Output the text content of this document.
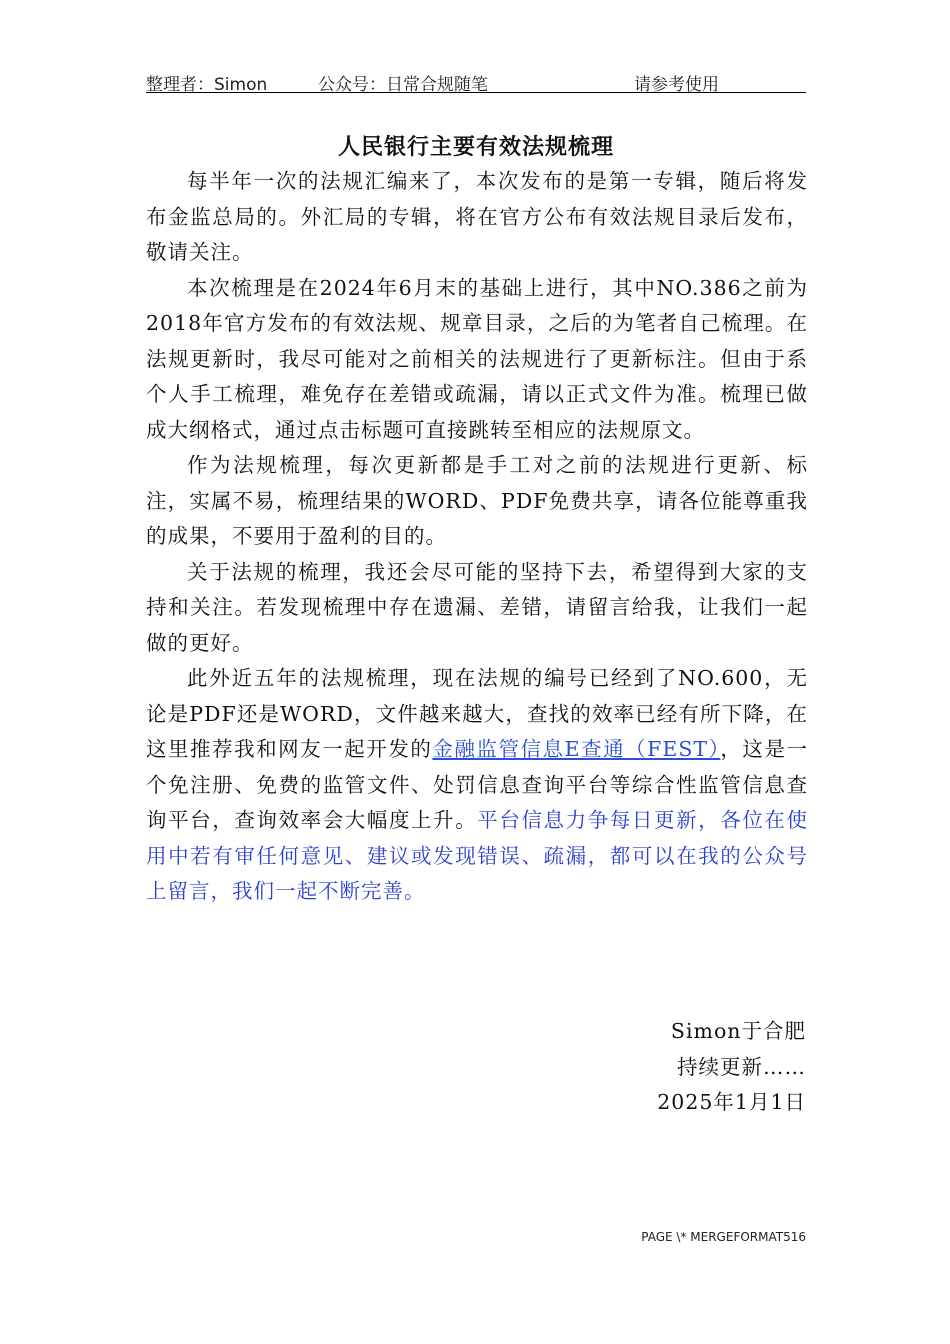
整理者：Simon	公众号：日常合规随笔	请参考使用
人民银行主要有效法规梳理

每半年一次的法规汇编来了，本次发布的是第一专辑，随后将发布金监总局的。外汇局的专辑，将在官方公布有效法规目录后发布，敬请关注。

本次梳理是在2024年6月末的基础上进行，其中NO.386之前为2018年官方发布的有效法规、规章目录，之后的为笔者自己梳理。在法规更新时，我尽可能对之前相关的法规进行了更新标注。但由于系个人手工梳理，难免存在差错或疏漏，请以正式文件为准。梳理已做成大纲格式，通过点击标题可直接跳转至相应的法规原文。

作为法规梳理，每次更新都是手工对之前的法规进行更新、标注，实属不易，梳理结果的WORD、PDF免费共享，请各位能尊重我的成果，不要用于盈利的目的。

关于法规的梳理，我还会尽可能的坚持下去，希望得到大家的支持和关注。若发现梳理中存在遗漏、差错，请留言给我，让我们一起做的更好。

此外近五年的法规梳理，现在法规的编号已经到了NO.600，无论是PDF还是WORD，文件越来越大，查找的效率已经有所下降，在这里推荐我和网友一起开发的金融监管信息E查通（FEST），这是一个免注册、免费的监管文件、处罚信息查询平台等综合性监管信息查询平台，查询效率会大幅度上升。平台信息力争每日更新，各位在使用中若有审任何意见、建议或发现错误、疏漏，都可以在我的公众号上留言，我们一起不断完善。

Simon于合肥
持续更新……
2025年1月1日
PAGE \* MERGEFORMAT516
